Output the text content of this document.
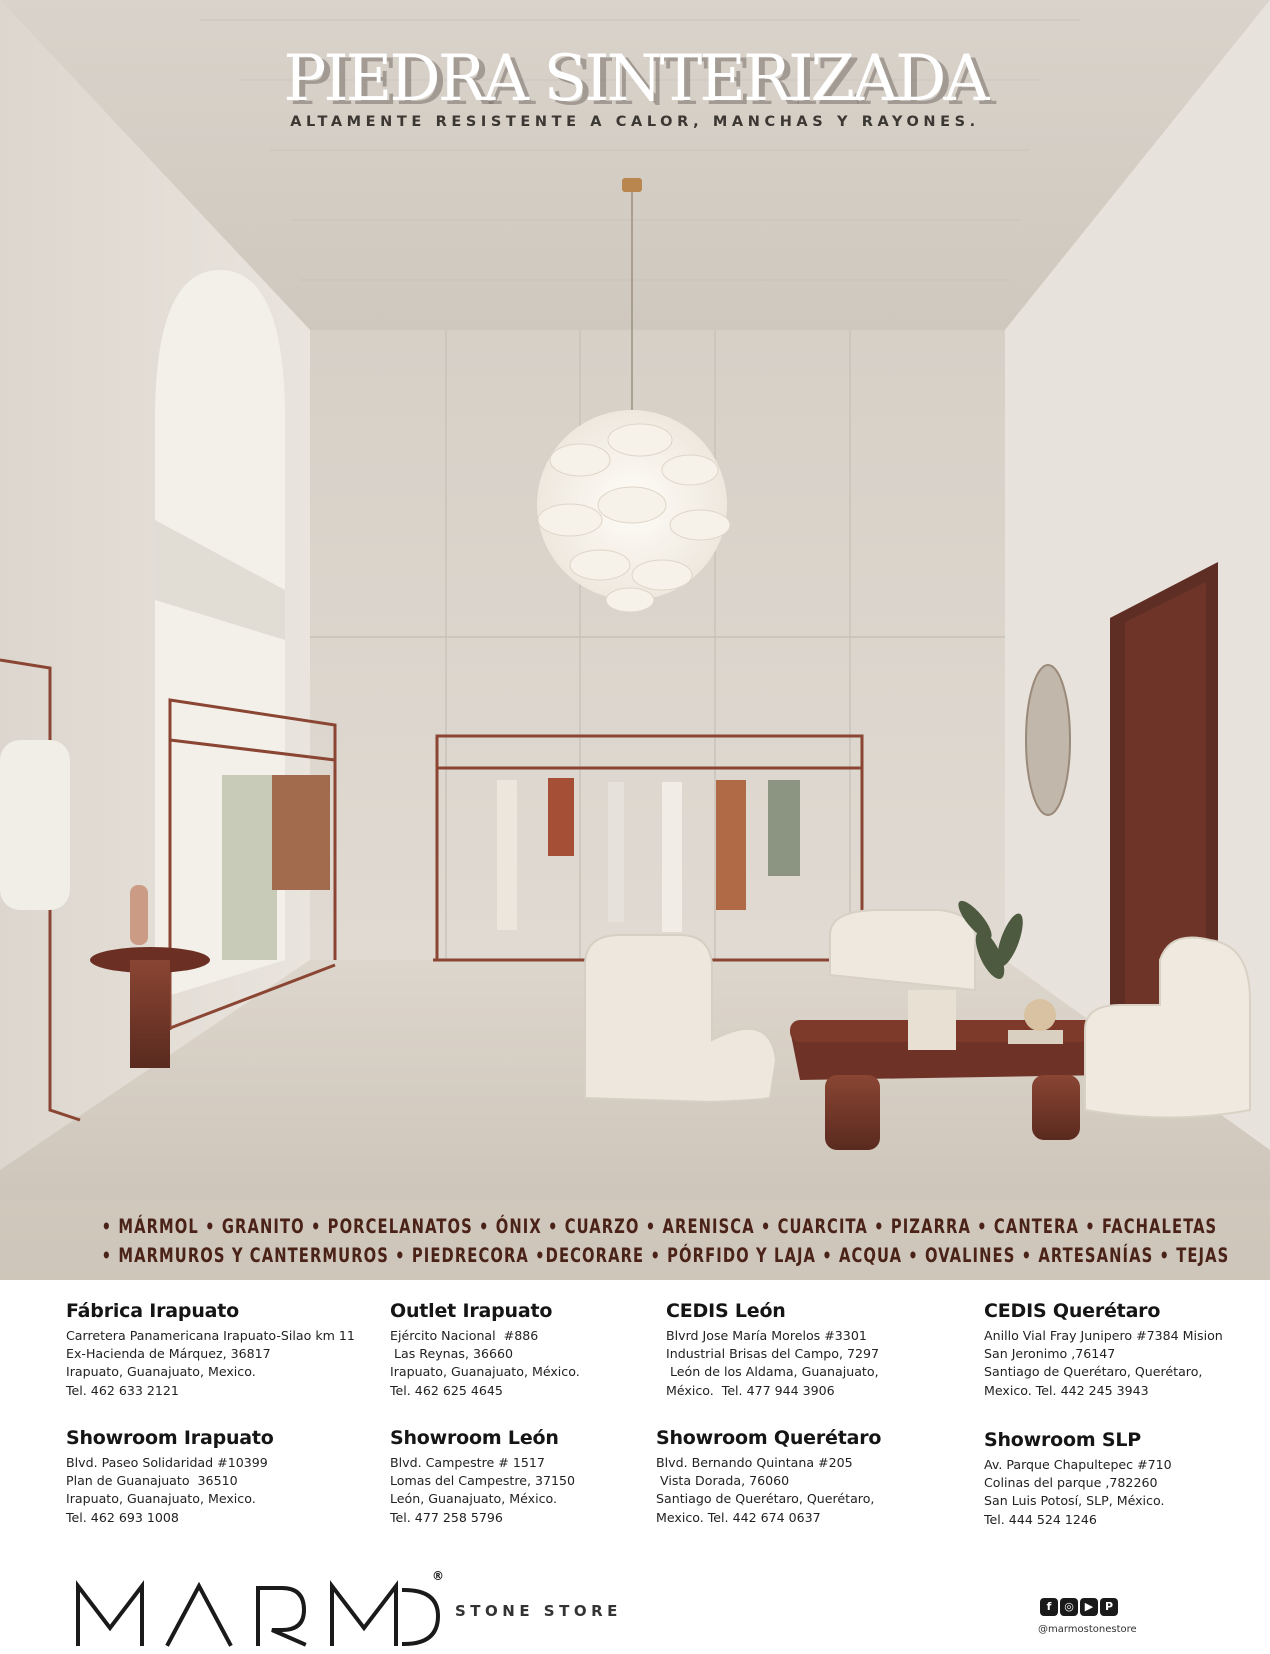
PIEDRA SINTERIZADA
ALTAMENTE RESISTENTE A CALOR, MANCHAS Y RAYONES.
• MÁRMOL • GRANITO • PORCELANATOS • ÓNIX • CUARZO • ARENISCA • CUARCITA • PIZARRA • CANTERA • FACHALETAS
• MARMUROS Y CANTERMUROS • PIEDRECORA •DECORARE • PÓRFIDO Y LAJA • ACQUA • OVALINES • ARTESANÍAS • TEJAS
Fábrica Irapuato

Carretera Panamericana Irapuato-Silao km 11
Ex-Hacienda de Márquez, 36817
Irapuato, Guanajuato, Mexico.
Tel. 462 633 2121

Outlet Irapuato

Ejército Nacional  #886
Las Reynas, 36660
Irapuato, Guanajuato, México.
Tel. 462 625 4645

CEDIS León

Blvrd Jose María Morelos #3301
Industrial Brisas del Campo, 7297
León de los Aldama, Guanajuato,
México.  Tel. 477 944 3906

CEDIS Querétaro

Anillo Vial Fray Junipero #7384 Mision
San Jeronimo ,76147
Santiago de Querétaro, Querétaro,
Mexico. Tel. 442 245 3943

Showroom Irapuato

Blvd. Paseo Solidaridad #10399
Plan de Guanajuato  36510
Irapuato, Guanajuato, Mexico.
Tel. 462 693 1008

Showroom León

Blvd. Campestre # 1517
Lomas del Campestre, 37150
León, Guanajuato, México.
Tel. 477 258 5796

Showroom Querétaro

Blvd. Bernando Quintana #205
Vista Dorada, 76060
Santiago de Querétaro, Querétaro,
Mexico. Tel. 442 674 0637

Showroom SLP

Av. Parque Chapultepec #710
Colinas del parque ,782260
San Luis Potosí, SLP, México.
Tel. 444 524 1246

®
STONE STORE	f	◎ ▶	P
@marmostonestore
